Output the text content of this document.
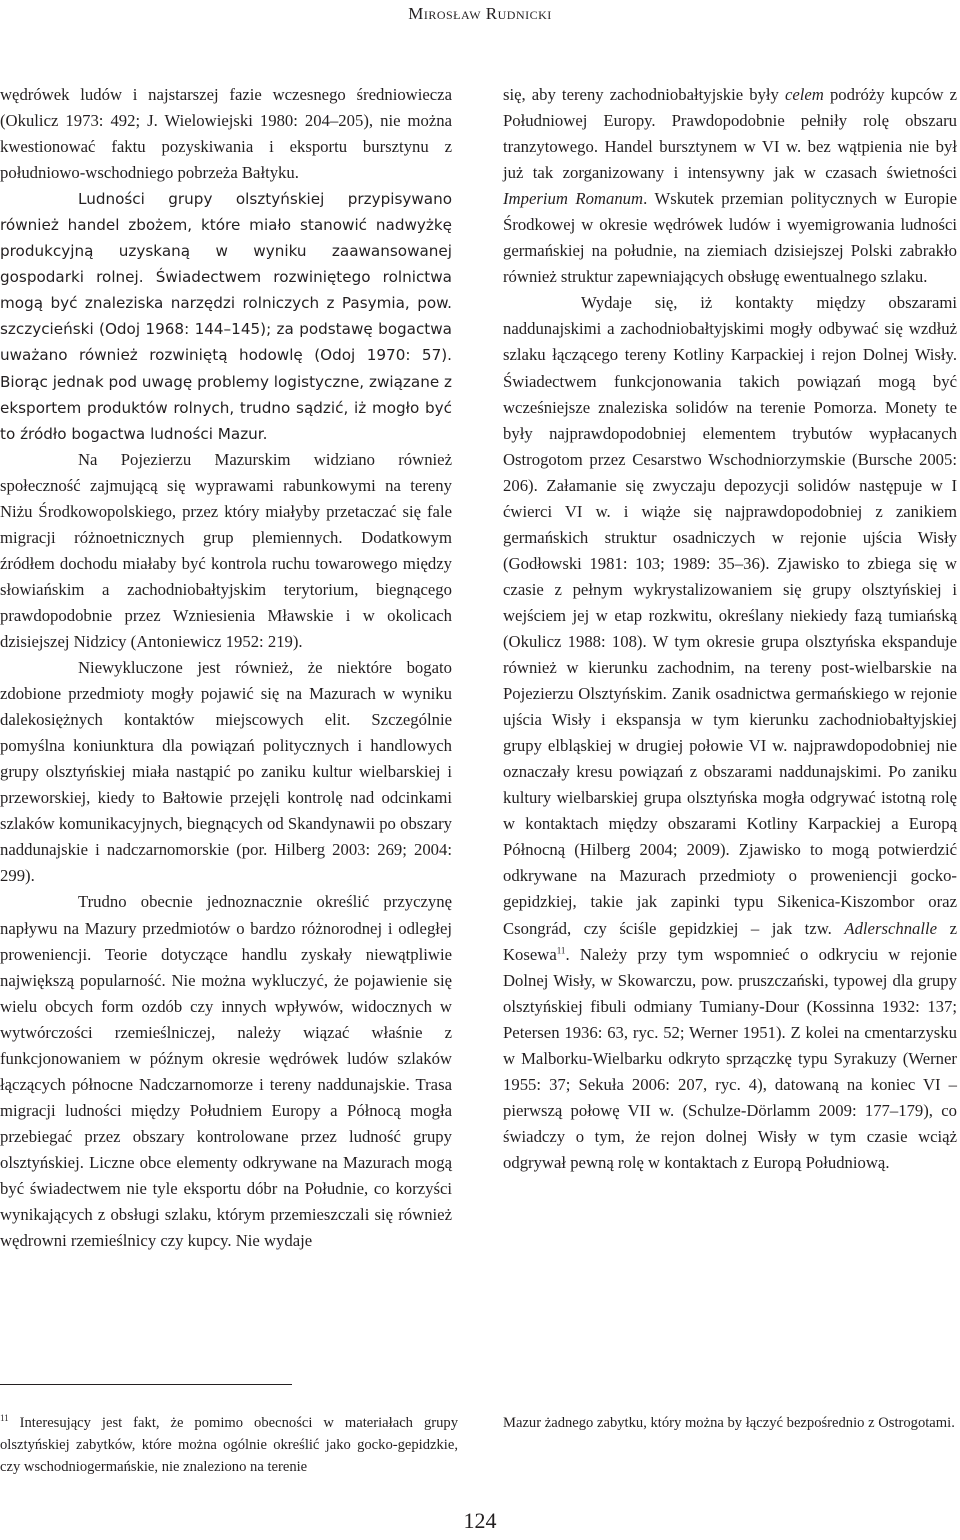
Mirosław Rudnicki

wędrówek ludów i najstarszej fazie wczesnego średniowiecza (Okulicz 1973: 492; J. Wielowiejski 1980: 204–205), nie można kwestionować faktu pozyskiwania i eksportu bursztynu z południowo-wschodniego pobrzeża Bałtyku.

Ludności grupy olsztyńskiej przypisywano również handel zbożem, które miało stanowić nadwyżkę produkcyjną uzyskaną w wyniku zaawansowanej gospodarki rolnej. Świadectwem rozwiniętego rolnictwa mogą być znaleziska narzędzi rolniczych z Pasymia, pow. szczycieński (Odoj 1968: 144–145); za podstawę bogactwa uważano również rozwiniętą hodowlę (Odoj 1970: 57). Biorąc jednak pod uwagę problemy logistyczne, związane z eksportem produktów rolnych, trudno sądzić, iż mogło być to źródło bogactwa ludności Mazur.

Na Pojezierzu Mazurskim widziano również społeczność zajmującą się wyprawami rabunkowymi na tereny Niżu Środkowopolskiego, przez który miałyby przetaczać się fale migracji różnoetnicznych grup plemiennych. Dodatkowym źródłem dochodu miałaby być kontrola ruchu towarowego między słowiańskim a zachodniobałtyjskim terytorium, biegnącego prawdopodobnie przez Wzniesienia Mławskie i w okolicach dzisiejszej Nidzicy (Antoniewicz 1952: 219).

Niewykluczone jest również, że niektóre bogato zdobione przedmioty mogły pojawić się na Mazurach w wyniku dalekosiężnych kontaktów miejscowych elit. Szczególnie pomyślna koniunktura dla powiązań politycznych i handlowych grupy olsztyńskiej miała nastąpić po zaniku kultur wielbarskiej i przeworskiej, kiedy to Bałtowie przejęli kontrolę nad odcinkami szlaków komunikacyjnych, biegnących od Skandynawii po obszary naddunajskie i nadczarnomorskie (por. Hilberg 2003: 269; 2004: 299).

Trudno obecnie jednoznacznie określić przyczynę napływu na Mazury przedmiotów o bardzo różnorodnej i odległej proweniencji. Teorie dotyczące handlu zyskały niewątpliwie największą popularność. Nie można wykluczyć, że pojawienie się wielu obcych form ozdób czy innych wpływów, widocznych w wytwórczości rzemieślniczej, należy wiązać właśnie z funkcjonowaniem w późnym okresie wędrówek ludów szlaków łączących północne Nadczarnomorze i tereny naddunajskie. Trasa migracji ludności między Południem Europy a Północą mogła przebiegać przez obszary kontrolowane przez ludność grupy olsztyńskiej. Liczne obce elementy odkrywane na Mazurach mogą być świadectwem nie tyle eksportu dóbr na Południe, co korzyści wynikających z obsługi szlaku, którym przemieszczali się również wędrowni rzemieślnicy czy kupcy. Nie wydaje

się, aby tereny zachodniobałtyjskie były celem podróży kupców z Południowej Europy. Prawdopodobnie pełniły rolę obszaru tranzytowego. Handel bursztynem w VI w. bez wątpienia nie był już tak zorganizowany i intensywny jak w czasach świetności Imperium Romanum. Wskutek przemian politycznych w Europie Środkowej w okresie wędrówek ludów i wyemigrowania ludności germańskiej na południe, na ziemiach dzisiejszej Polski zabrakło również struktur zapewniających obsługę ewentualnego szlaku.

Wydaje się, iż kontakty między obszarami naddunajskimi a zachodniobałtyjskimi mogły odbywać się wzdłuż szlaku łączącego tereny Kotliny Karpackiej i rejon Dolnej Wisły. Świadectwem funkcjonowania takich powiązań mogą być wcześniejsze znaleziska solidów na terenie Pomorza. Monety te były najprawdopodobniej elementem trybutów wypłacanych Ostrogotom przez Cesarstwo Wschodniorzymskie (Bursche 2005: 206). Załamanie się zwyczaju depozycji solidów następuje w I ćwierci VI w. i wiąże się najprawdopodobniej z zanikiem germańskich struktur osadniczych w rejonie ujścia Wisły (Godłowski 1981: 103; 1989: 35–36). Zjawisko to zbiega się w czasie z pełnym wykrystalizowaniem się grupy olsztyńskiej i wejściem jej w etap rozkwitu, określany niekiedy fazą tumiańską (Okulicz 1988: 108). W tym okresie grupa olsztyńska ekspanduje również w kierunku zachodnim, na tereny post-wielbarskie na Pojezierzu Olsztyńskim. Zanik osadnictwa germańskiego w rejonie ujścia Wisły i ekspansja w tym kierunku zachodniobałtyjskiej grupy elbląskiej w drugiej połowie VI w. najprawdopodobniej nie oznaczały kresu powiązań z obszarami naddunajskimi. Po zaniku kultury wielbarskiej grupa olsztyńska mogła odgrywać istotną rolę w kontaktach między obszarami Kotliny Karpackiej a Europą Północną (Hilberg 2004; 2009). Zjawisko to mogą potwierdzić odkrywane na Mazurach przedmioty o proweniencji gocko-gepidzkiej, takie jak zapinki typu Sikenica-Kiszombor oraz Csongrád, czy ściśle gepidzkiej – jak tzw. Adlerschnalle z Kosewa$^{11}$. Należy przy tym wspomnieć o odkryciu w rejonie Dolnej Wisły, w Skowarczu, pow. pruszczański, typowej dla grupy olsztyńskiej fibuli odmiany Tumiany-Dour (Kossinna 1932: 137; Petersen 1936: 63, ryc. 52; Werner 1951). Z kolei na cmentarzysku w Malborku-Wielbarku odkryto sprzączkę typu Syrakuzy (Werner 1955: 37; Sekuła 2006: 207, ryc. 4), datowaną na koniec VI – pierwszą połowę VII w. (Schulze-Dörlamm 2009: 177–179), co świadczy o tym, że rejon dolnej Wisły w tym czasie wciąż odgrywał pewną rolę w kontaktach z Europą Południową.

$^{11}$ Interesujący jest fakt, że pomimo obecności w materiałach grupy olsztyńskiej zabytków, które można ogólnie określić jako gocko-gepidzkie, czy wschodniogermańskie, nie znaleziono na terenie
Mazur żadnego zabytku, który można by łączyć bezpośrednio z Ostrogotami.
124
